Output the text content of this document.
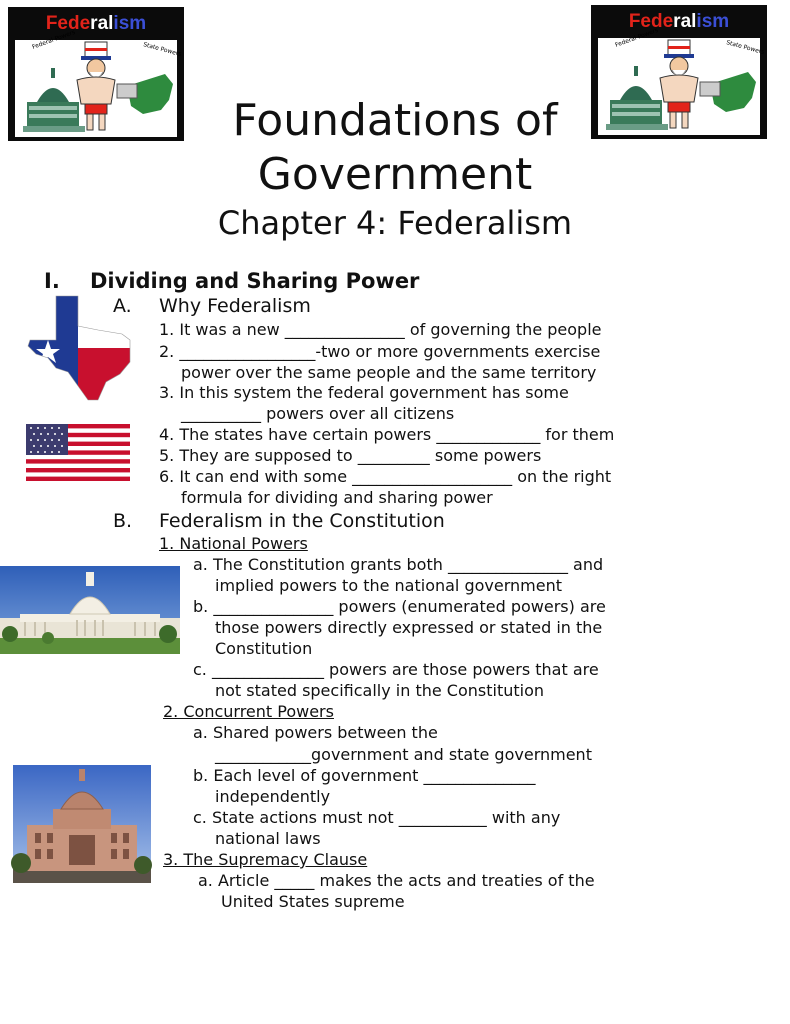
Federalism
Federal Powers	State Powers
Federalism
Federal Powers	State Powers
Foundations of
Government
Chapter 4: Federalism
I. Dividing and Sharing Power
A. Why Federalism
1. It was a new _______________ of governing the people
2. _________________-two or more governments exercise
power over the same people and the same territory
3. In this system the federal government has some
__________ powers over all citizens
4. The states have certain powers _____________ for them
5. They are supposed to _________ some powers
6. It can end with some ____________________ on the right
formula for dividing and sharing power
B. Federalism in the Constitution
1. National Powers
a. The Constitution grants both _______________ and
implied powers to the national government
b. _______________ powers (enumerated powers) are
those powers directly expressed or stated in the
Constitution
c. ______________ powers are those powers that are
not stated specifically in the Constitution
2. Concurrent Powers
a. Shared powers between the
____________government and state government
b. Each level of government ______________
independently
c. State actions must not ___________ with any
national laws
3. The Supremacy Clause
a. Article _____ makes the acts and treaties of the
United States supreme
